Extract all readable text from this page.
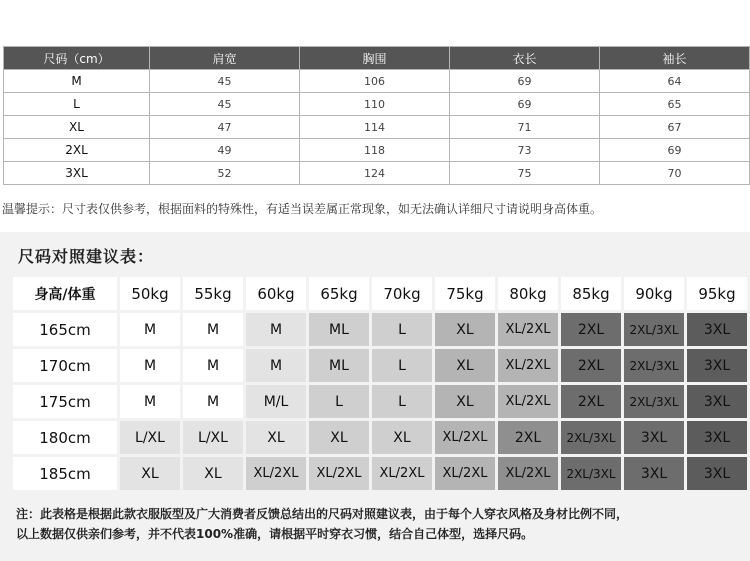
尺码（cm）	肩宽	胸围	衣长	袖长
M	45	106	69	64
L	45	110	69	65
XL	47	114	71	67
2XL	49	118	73	69
3XL	52	124	75	70
温馨提示：尺寸表仅供参考，根据面料的特殊性，有适当误差属正常现象，如无法确认详细尺寸请说明身高体重。
尺码对照建议表：
身高/体重	50kg	55kg	60kg	65kg	70kg	75kg	80kg	85kg	90kg	95kg
165cm	M	M	M	ML	L	XL	XL/2XL	2XL	2XL/3XL	3XL
170cm	M	M	M	ML	L	XL	XL/2XL	2XL	2XL/3XL	3XL
175cm	M	M	M/L	L	L	XL	XL/2XL	2XL	2XL/3XL	3XL
180cm	L/XL	L/XL	XL	XL	XL	XL/2XL	2XL	2XL/3XL	3XL	3XL
185cm	XL	XL	XL/2XL	XL/2XL	XL/2XL	XL/2XL	XL/2XL	2XL/3XL	3XL	3XL
注：此表格是根据此款衣服版型及广大消费者反馈总结出的尺码对照建议表，由于每个人穿衣风格及身材比例不同，
以上数据仅供亲们参考，并不代表100%准确，请根据平时穿衣习惯，结合自己体型，选择尺码。
